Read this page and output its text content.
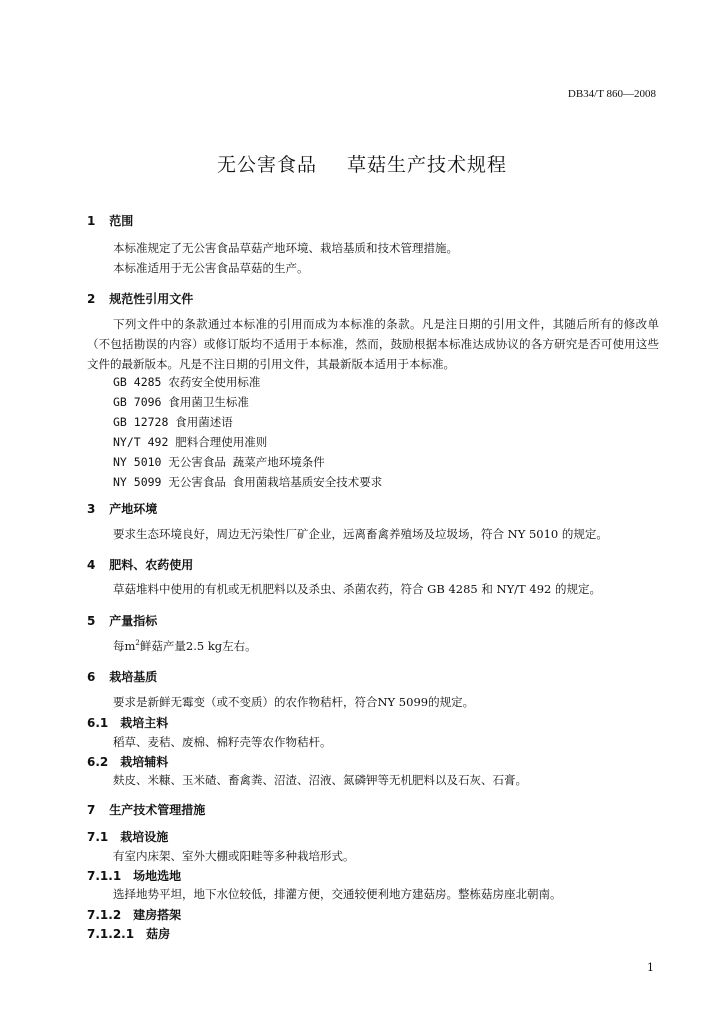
DB34/T 860—2008
无公害食品 草菇生产技术规程
1 范围
本标准规定了无公害食品草菇产地环境、栽培基质和技术管理措施。
本标准适用于无公害食品草菇的生产。
2 规范性引用文件
下列文件中的条款通过本标准的引用而成为本标准的条款。凡是注日期的引用文件，其随后所有的修改单（不包括勘误的内容）或修订版均不适用于本标准，然而，鼓励根据本标准达成协议的各方研究是否可使用这些文件的最新版本。凡是不注日期的引用文件，其最新版本适用于本标准。
GB 4285 农药安全使用标准
GB 7096 食用菌卫生标准
GB 12728 食用菌述语
NY/T 492 肥料合理使用准则
NY 5010 无公害食品 蔬菜产地环境条件
NY 5099 无公害食品 食用菌栽培基质安全技术要求
3 产地环境
要求生态环境良好，周边无污染性厂矿企业，远离畜禽养殖场及垃圾场，符合 NY 5010 的规定。
4 肥料、农药使用
草菇堆料中使用的有机或无机肥料以及杀虫、杀菌农药，符合 GB 4285 和 NY/T 492 的规定。
5 产量指标
每$m^2$鲜菇产量2.5 kg左右。
6 栽培基质
要求是新鲜无霉变（或不变质）的农作物秸杆，符合NY 5099的规定。
6.1 栽培主料
稻草、麦秸、废棉、棉籽壳等农作物秸杆。
6.2 栽培辅料
麸皮、米糠、玉米碴、畜禽粪、沼渣、沼液、氮磷钾等无机肥料以及石灰、石膏。
7 生产技术管理措施
7.1 栽培设施
有室内床架、室外大棚或阳畦等多种栽培形式。
7.1.1 场地选地
选择地势平坦，地下水位较低，排灌方便，交通较便利地方建菇房。整栋菇房座北朝南。
7.1.2 建房搭架
7.1.2.1 菇房
1
